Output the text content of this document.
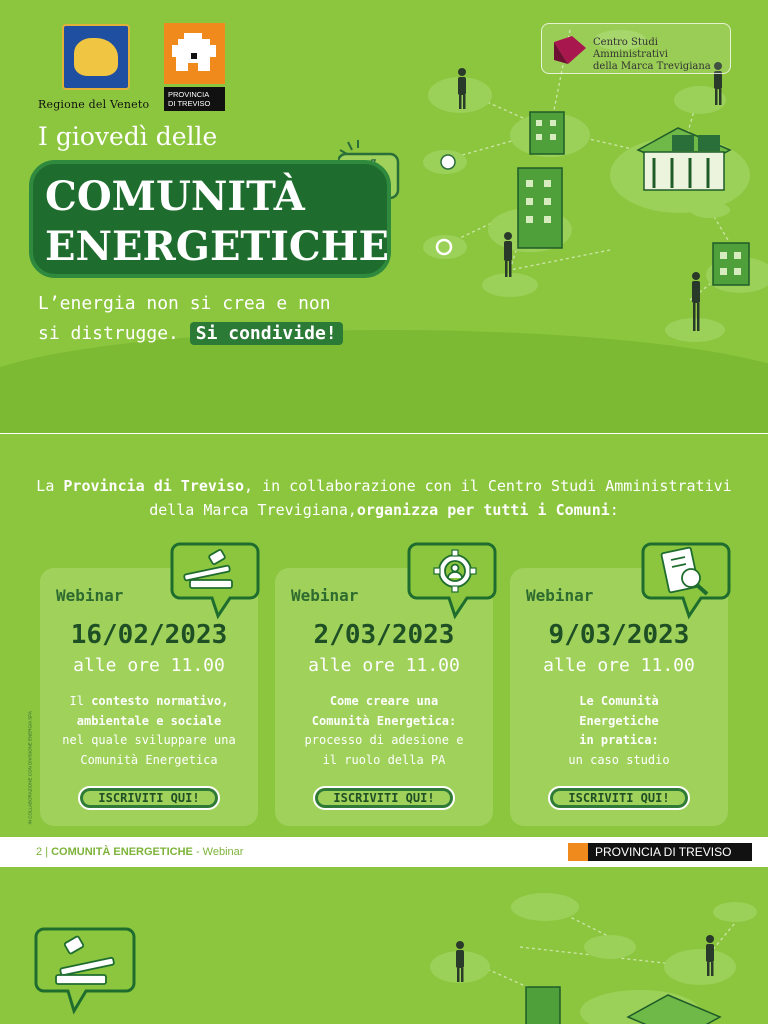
Regione del Veneto
PROVINCIA
DI TREVISO
Centro Studi Amministrativi
della Marca Trevigiana
I giovedì delle
COMUNITÀ
ENERGETICHE
L’energia non si crea e non
si distrugge. Si condivide!
La Provincia di Treviso, in collaborazione con il Centro Studi Amministrativi della Marca Trevigiana,organizza per tutti i Comuni:
IN COLLABORAZIONE CON DIVISIONE ENERGIA SPA
Webinar
16/02/2023
alle ore 11.00
Il contesto normativo,
ambientale e sociale
nel quale sviluppare una
Comunità Energetica
ISCRIVITI QUI!
Webinar
2/03/2023
alle ore 11.00
Come creare una
Comunità Energetica:
processo di adesione e
il ruolo della PA
ISCRIVITI QUI!
Webinar
9/03/2023
alle ore 11.00
Le Comunità
Energetiche
in pratica:
un caso studio
ISCRIVITI QUI!
2 | COMUNITÀ ENERGETICHE - Webinar	PROVINCIA DI TREVISO
